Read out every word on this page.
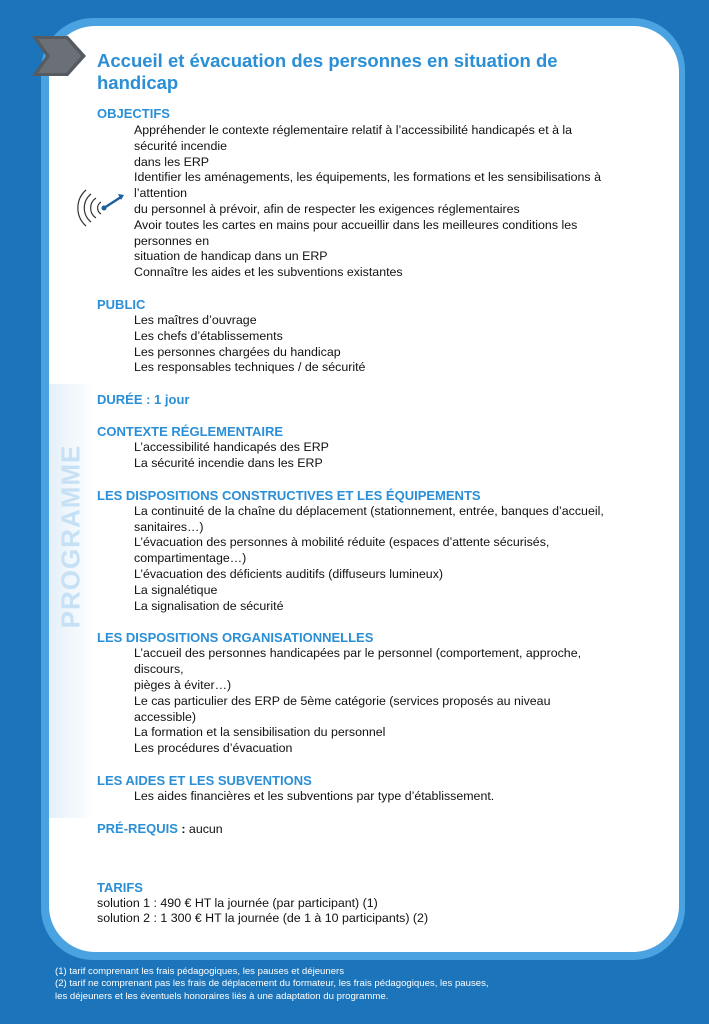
PROGRAMME
Accueil et évacuation des personnes en situation de handicap
OBJECTIFS
Appréhender le contexte réglementaire relatif à l’accessibilité handicapés et à la
sécurité incendie
dans les ERP
Identifier les aménagements, les équipements, les formations et les sensibilisations à
l’attention
du personnel à prévoir, afin de respecter les exigences réglementaires
Avoir toutes les cartes en mains pour accueillir dans les meilleures conditions les
personnes en
situation de handicap dans un ERP
Connaître les aides et les subventions existantes
PUBLIC
Les maîtres d’ouvrage
Les chefs d’établissements
Les personnes chargées du handicap
Les responsables techniques / de sécurité
DURÉE : 1 jour
CONTEXTE RÉGLEMENTAIRE
L’accessibilité handicapés des ERP
La sécurité incendie dans les ERP
LES DISPOSITIONS CONSTRUCTIVES ET LES ÉQUIPEMENTS
La continuité de la chaîne du déplacement (stationnement, entrée, banques d’accueil,
sanitaires…)
L’évacuation des personnes à mobilité réduite (espaces d’attente sécurisés,
compartimentage…)
L’évacuation des déficients auditifs (diffuseurs lumineux)
La signalétique
La signalisation de sécurité
LES DISPOSITIONS ORGANISATIONNELLES
L’accueil des personnes handicapées par le personnel (comportement, approche,
discours,
pièges à éviter…)
Le cas particulier des ERP de 5ème catégorie (services proposés au niveau
accessible)
La formation et la sensibilisation du personnel
Les procédures d’évacuation
LES AIDES ET LES SUBVENTIONS
Les aides financières et les subventions par type d’établissement.
PRÉ-REQUIS : aucun
TARIFS
solution 1 : 490 € HT la journée (par participant) (1)
solution 2 : 1 300 € HT la journée (de 1 à 10 participants) (2)
(1) tarif comprenant les frais pédagogiques, les pauses et déjeuners
(2) tarif ne comprenant pas les frais de déplacement du formateur, les frais pédagogiques, les pauses,
les déjeuners et les éventuels honoraires liés à une adaptation du programme.
